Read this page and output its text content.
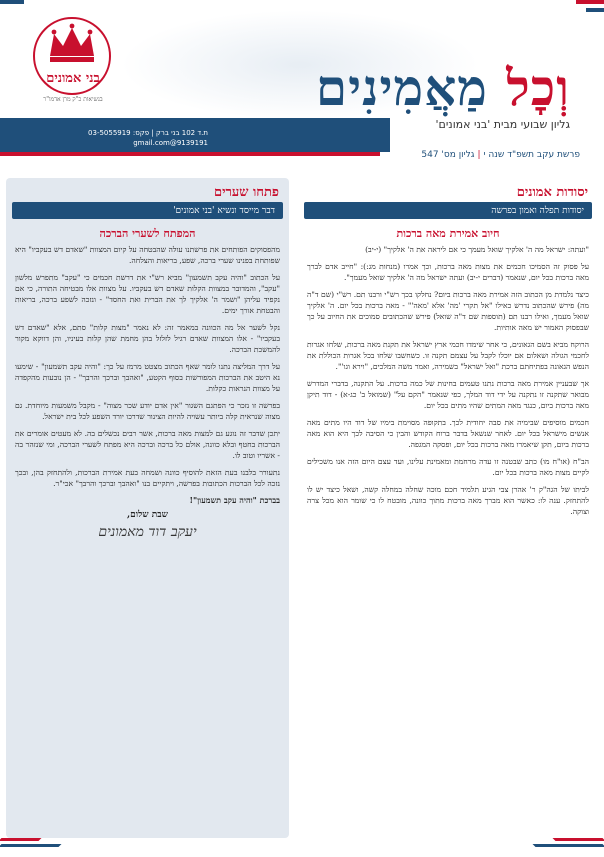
בני אמונים
בנשיאות כ"ק מרן אדמו"ר
ת.ד 102 בני ברק | פקס: 03-5055919
9139191@gmail.com
וְכׇל מַאֲמִינִים
גליון שבועי מבית 'בני אמונים'
פרשת עקב תשפ"ד שנה י|גליון מס' 547
יסודות אמונים
יסודות תפלה ואמון בפרשה
חיוב אמירת מאה ברכות

"ועתה: ישראל מה ה' אלקיך שואל מעמך כי אם ליראה את ה' אלקיך" (י-יב)

על פסוק זה הסמיכו חכמים את מצות מאה ברכות, וכך אמרו (מנחות מג:): "חייב אדם לברך מאה ברכות בכל יום, שנאמר (דברים י-יב) ועתה ישראל מה ה' אלקיך שואל מעמך".

כיצד נלמדת מן הכתוב הזה אמירת מאה ברכות ביום? נחלקו בכך רש"י ורבנו תם. רש"י (שם ד"ה מה) פירש שהכתוב נדרש כאילו "אל תקרי 'מה' אלא 'מאה'" - מאה ברכות בכל יום. ה' אלקיך שואל מעמך, ואילו רבנו תם (תוספות שם ד"ה שואל) פירש שהכתובים סמוכים את החיוב על כך שבפסוק האמור יש מאה אותיות.

הרוקח מביא בשם הגאונים, כי אחר שימדו חכמי ארץ ישראל את תקנת מאה ברכות, שלחו אגרות לחכמי הגולה ושאלום אם יוכלו לקבל על עצמם תקנה זו. כשחשבו שלחו בכל אגרות הכוללת את הנפש הגאונה בפתיחתם ברכת "ואל ישראל" בשמירה, ואמר משה המלכים, "וירא וגו'".

אך שבעניין אמירת מאה ברכות נתנו טעמים בחינות של כמה ברכות. על התקנה, בדברי המדרש מבואר שתקנה זו נתקנה על ידי דוד המלך, כפי שנאמר "הקם על" (שמואל ב' כג-א) - דוד תיקן מאה ברכות ביום, כנגד מאה המתים שהיו מתים בכל יום.

חכמים מוסיפים שבימיה את סבה יחודית לכך. בתקופה מסוימת בימיו של דוד היו מתים מאה אנשים מישראל בכל יום. לאחר שנשאל בדבר ברוח הקודש והבין כי הסיבה לכך היא הוא מאה ברכות ביום, תקן שיאמרו מאה ברכות בכל יום, ופסקה המגפה.

הב"ח (או"ח מו) כתב שבטנה זו עדה מרחמת ומאמינת עלינו, ועד עצם היום הזה אנו משכילים לקיים מצות מאה ברכות בכל יום.

לביתו של הגה"ק ר' אהרן צבי הגיע תלמיד חכם מוכה שחלה במחלה קשה, ושאל כיצד יש לו להתחזק. ענה לו: כאשר הוא מברך מאה ברכות מתוך כוונה, מובטח לו כי שומר הוא מכל צרה וצוקה.

פתחו שערים
דבר מייסד ונשיא 'בני אמונים'
המפתח לשערי הברכה

מהפסוקים הפותחים את פרשתנו עולה שהבטחה על קיום המצוות "שאדם דש בעקביו" היא שפותחת בפנינו שערי ברכה, שפע, בריאות והצלחה.

על הכתוב "והיה עקב תשמעון" מביא רש"י את דרשת חכמים כי "עקב" מתפרש מלשון "עקב", והמדובר במצוות הקלות שאדם דש בעקביו. על מצוות אלו מבטיחה התורה, כי אם נקפיד עליהן "ושמר ה' אלקיך לך את הברית ואת החסד" - ונזכה לשפע ברכה, בריאות והבטחת אורך ימים.

נקל לשער אל מה הכוונה במאמר זה: לא נאמר "מצות קלות" סתם, אלא "שאדם דש בעקביו" - אלו המצוות שאדם רגיל לזלזל בהן מחמת שהן קלות בעיניו, והן דווקא מקור להמשכת הברכה.

על דרך המליצה נתנו לומר שאף הכתוב מצטט מרמז על כך: "והיה עקב תשמעון" - שימעו נא היטב את הברכות המפורשות בסוף הקטע, "ואהבך וברכך והרבך" - הן נובעות מהקפדה על מצוות הנראות כקלות.

בפרשה זו נזכר כי הפתגם השגור "אין אדם יודע שכר מצוה" - מקבל משמעות מיוחדת. גם מצוה שנראית קלה ביותר עשויה להיות הצינור שדרכו יורד השפע לכל בית ישראל.

יתכן שדבר זה נוגע גם למצות מאה ברכות, אשר רבים נכשלים בה. לא מעטים אומרים את הברכות בחטף ובלא כוונה, אולם כל ברכה וברכה היא מפתח לשערי הברכה, ומי שנזהר בה - אשריו וטוב לו.

נתעורר בלבנו בעת הזאת להוסיף כוונה ושמחה בעת אמירת הברכות, ולהתחזק בהן, ובכך נזכה לכל הברכות הכתובות בפרשה, ויתקיים בנו "ואהבך וברכך והרבך" אכי"ר.

בברכת "והיה עקב תשמעון"!
שבת שלום,
יעקב דוד מאמונים
